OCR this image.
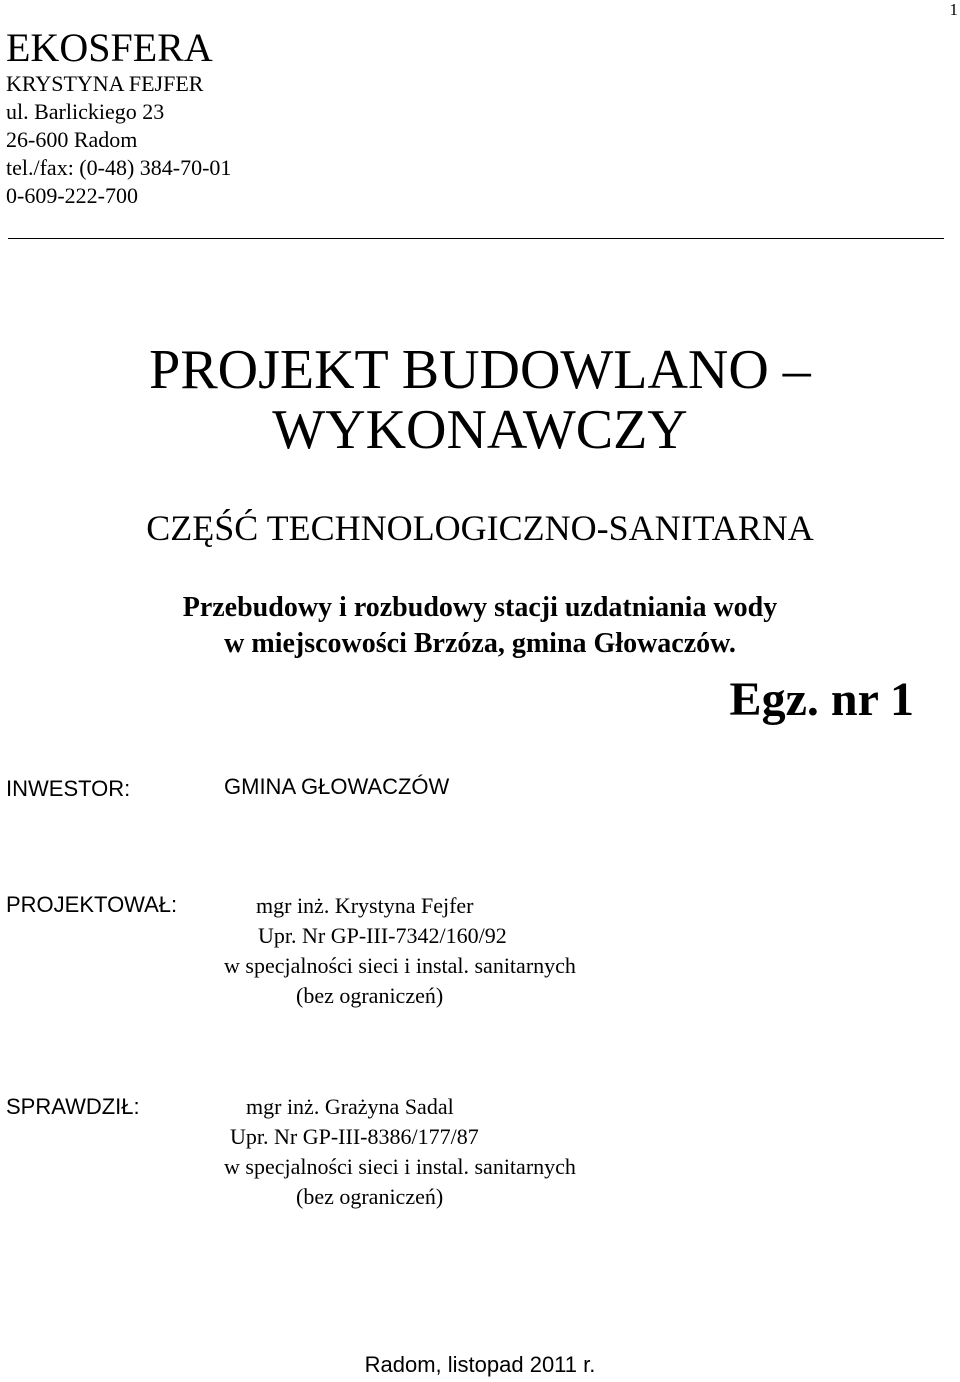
1
EKOSFERA
KRYSTYNA FEJFER
ul. Barlickiego 23
26-600 Radom
tel./fax: (0-48) 384-70-01
0-609-222-700
PROJEKT BUDOWLANO –
WYKONAWCZY
CZĘŚĆ TECHNOLOGICZNO-SANITARNA
Przebudowy i rozbudowy stacji uzdatniania wody
w miejscowości Brzóza, gmina Głowaczów.
Egz. nr 1
INWESTOR:	GMINA GŁOWACZÓW
PROJEKTOWAŁ:	mgr inż. Krystyna Fejfer
Upr. Nr GP-III-7342/160/92
w specjalności sieci i instal. sanitarnych
(bez ograniczeń)
SPRAWDZIŁ:	mgr inż. Grażyna Sadal
Upr. Nr GP-III-8386/177/87
w specjalności sieci i instal. sanitarnych
(bez ograniczeń)
Radom, listopad 2011 r.
